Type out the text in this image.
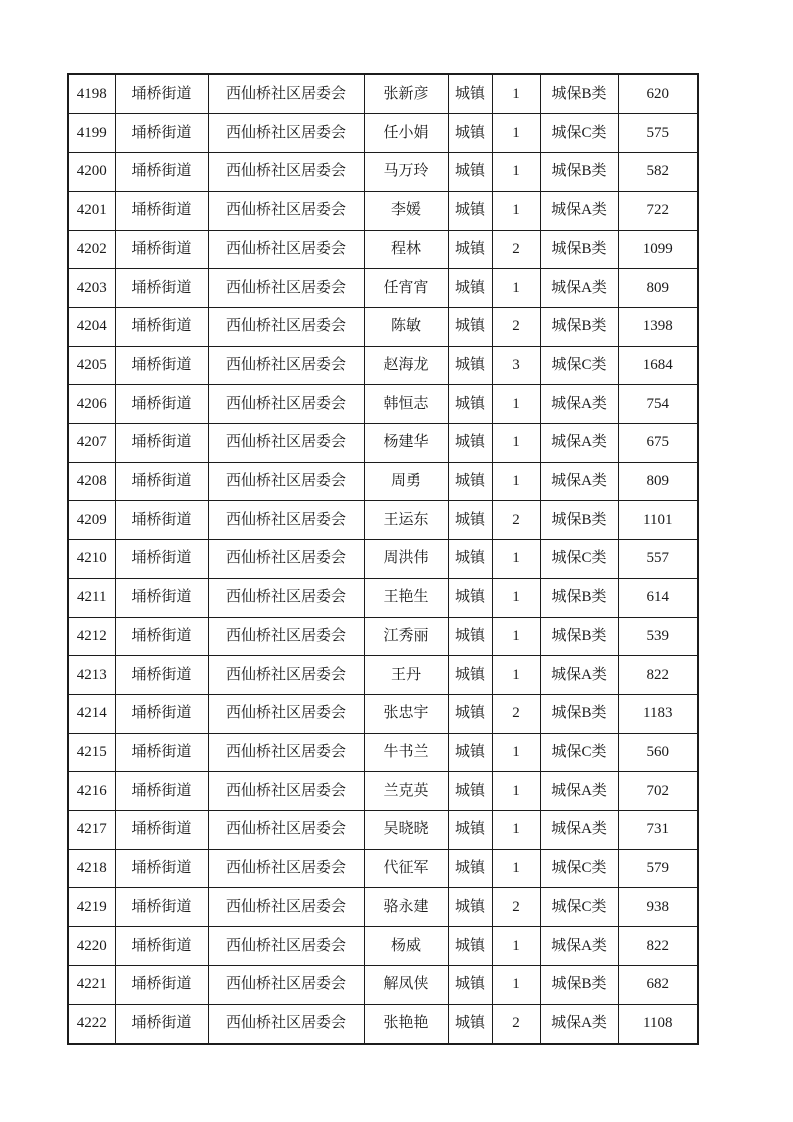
4198	埇桥街道	西仙桥社区居委会	张新彦	城镇	1	城保B类	620
4199	埇桥街道	西仙桥社区居委会	任小娟	城镇	1	城保C类	575
4200	埇桥街道	西仙桥社区居委会	马万玲	城镇	1	城保B类	582
4201	埇桥街道	西仙桥社区居委会	李媛	城镇	1	城保A类	722
4202	埇桥街道	西仙桥社区居委会	程林	城镇	2	城保B类	1099
4203	埇桥街道	西仙桥社区居委会	任宵宵	城镇	1	城保A类	809
4204	埇桥街道	西仙桥社区居委会	陈敏	城镇	2	城保B类	1398
4205	埇桥街道	西仙桥社区居委会	赵海龙	城镇	3	城保C类	1684
4206	埇桥街道	西仙桥社区居委会	韩恒志	城镇	1	城保A类	754
4207	埇桥街道	西仙桥社区居委会	杨建华	城镇	1	城保A类	675
4208	埇桥街道	西仙桥社区居委会	周勇	城镇	1	城保A类	809
4209	埇桥街道	西仙桥社区居委会	王运东	城镇	2	城保B类	1101
4210	埇桥街道	西仙桥社区居委会	周洪伟	城镇	1	城保C类	557
4211	埇桥街道	西仙桥社区居委会	王艳生	城镇	1	城保B类	614
4212	埇桥街道	西仙桥社区居委会	江秀丽	城镇	1	城保B类	539
4213	埇桥街道	西仙桥社区居委会	王丹	城镇	1	城保A类	822
4214	埇桥街道	西仙桥社区居委会	张忠宇	城镇	2	城保B类	1183
4215	埇桥街道	西仙桥社区居委会	牛书兰	城镇	1	城保C类	560
4216	埇桥街道	西仙桥社区居委会	兰克英	城镇	1	城保A类	702
4217	埇桥街道	西仙桥社区居委会	吴晓晓	城镇	1	城保A类	731
4218	埇桥街道	西仙桥社区居委会	代征军	城镇	1	城保C类	579
4219	埇桥街道	西仙桥社区居委会	骆永建	城镇	2	城保C类	938
4220	埇桥街道	西仙桥社区居委会	杨威	城镇	1	城保A类	822
4221	埇桥街道	西仙桥社区居委会	解凤侠	城镇	1	城保B类	682
4222	埇桥街道	西仙桥社区居委会	张艳艳	城镇	2	城保A类	1108
